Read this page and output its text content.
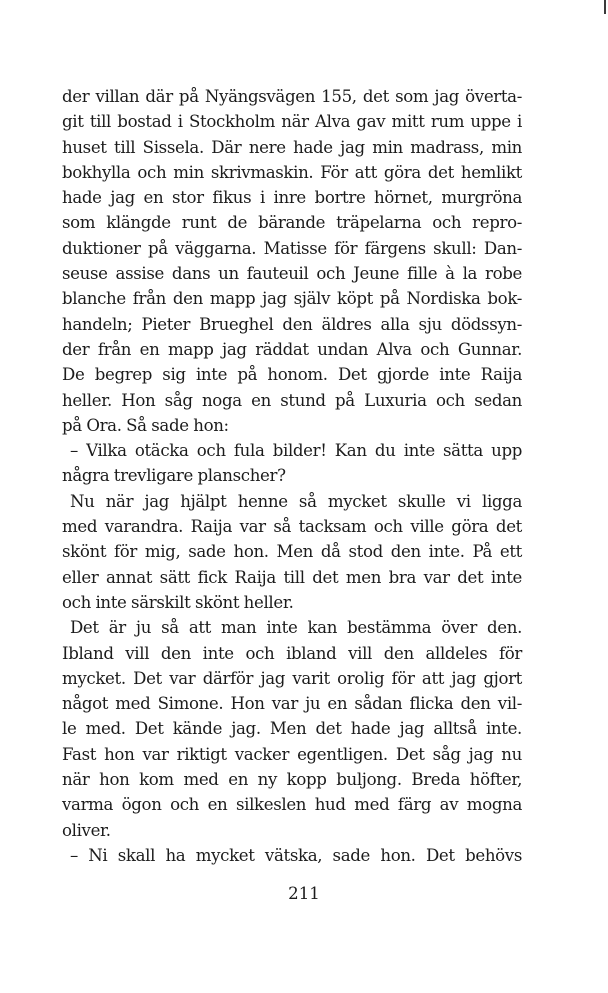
der villan där på Nyängsvägen 155, det som jag överta-
git till bostad i Stockholm när Alva gav mitt rum uppe i
huset till Sissela. Där nere hade jag min madrass, min
bokhylla och min skrivmaskin. För att göra det hemlikt
hade jag en stor fikus i inre bortre hörnet, murgröna
som klängde runt de bärande träpelarna och repro-
duktioner på väggarna. Matisse för färgens skull: Dan-
seuse assise dans un fauteuil och Jeune fille à la robe
blanche från den mapp jag själv köpt på Nordiska bok-
handeln; Pieter Brueghel den äldres alla sju dödssyn-
der från en mapp jag räddat undan Alva och Gunnar.
De begrep sig inte på honom. Det gjorde inte Raija
heller. Hon såg noga en stund på Luxuria och sedan
på Ora. Så sade hon:
 – Vilka otäcka och fula bilder! Kan du inte sätta upp
några trevligare planscher?
 Nu när jag hjälpt henne så mycket skulle vi ligga
med varandra. Raija var så tacksam och ville göra det
skönt för mig, sade hon. Men då stod den inte. På ett
eller annat sätt fick Raija till det men bra var det inte
och inte särskilt skönt heller.
 Det är ju så att man inte kan bestämma över den.
Ibland vill den inte och ibland vill den alldeles för
mycket. Det var därför jag varit orolig för att jag gjort
något med Simone. Hon var ju en sådan flicka den vil-
le med. Det kände jag. Men det hade jag alltså inte.
Fast hon var riktigt vacker egentligen. Det såg jag nu
när hon kom med en ny kopp buljong. Breda höfter,
varma ögon och en silkeslen hud med färg av mogna
oliver.
 – Ni skall ha mycket vätska, sade hon. Det behövs
211
